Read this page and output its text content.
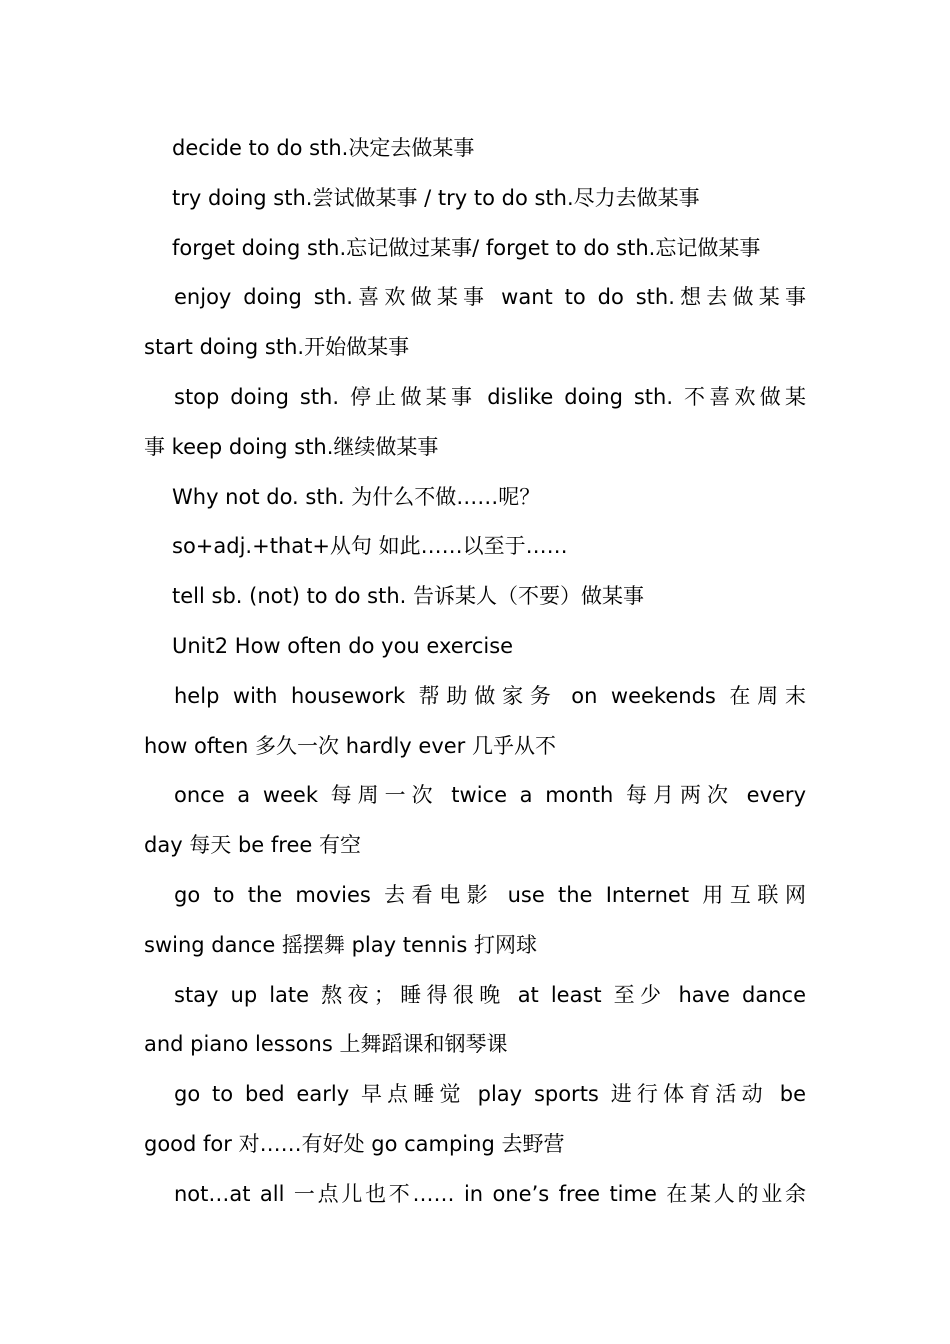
decide to do sth.决定去做某事
try doing sth.尝试做某事 / try to do sth.尽力去做某事
forget doing sth.忘记做过某事/ forget to do sth.忘记做某事
enjoy doing sth.喜欢做某事 want to do sth.想去做某事
start doing sth.开始做某事
stop doing sth. 停止做某事 dislike doing sth. 不喜欢做某
事 keep doing sth.继续做某事
Why not do. sth. 为什么不做……呢？
so+adj.+that+从句 如此……以至于……
tell sb. (not) to do sth. 告诉某人（不要）做某事
Unit2 How often do you exercise
help with housework 帮助做家务 on weekends 在周末
how often 多久一次 hardly ever 几乎从不
once a week 每周一次 twice a month 每月两次 every
day 每天 be free 有空
go to the movies 去看电影 use the Internet 用互联网
swing dance 摇摆舞 play tennis 打网球
stay up late 熬夜；睡得很晚 at least 至少 have dance
and piano lessons 上舞蹈课和钢琴课
go to bed early 早点睡觉 play sports 进行体育活动 be
good for 对……有好处 go camping 去野营
not…at all 一点儿也不…… in one’s free time 在某人的业余
